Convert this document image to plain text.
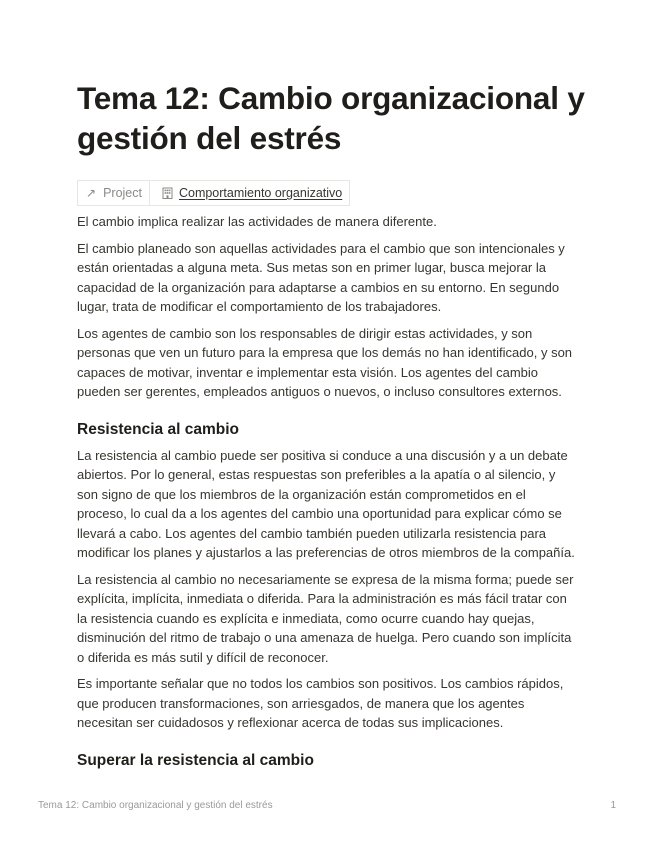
Tema 12: Cambio organizacional y gestión del estrés
↗ Project	Comportamiento organizativo

El cambio implica realizar las actividades de manera diferente.

El cambio planeado son aquellas actividades para el cambio que son intencionales y están orientadas a alguna meta. Sus metas son en primer lugar, busca mejorar la capacidad de la organización para adaptarse a cambios en su entorno. En segundo lugar, trata de modificar el comportamiento de los trabajadores.

Los agentes de cambio son los responsables de dirigir estas actividades, y son personas que ven un futuro para la empresa que los demás no han identificado, y son capaces de motivar, inventar e implementar esta visión. Los agentes del cambio pueden ser gerentes, empleados antiguos o nuevos, o incluso consultores externos.

Resistencia al cambio

La resistencia al cambio puede ser positiva si conduce a una discusión y a un debate abiertos. Por lo general, estas respuestas son preferibles a la apatía o al silencio, y son signo de que los miembros de la organización están comprometidos en el proceso, lo cual da a los agentes del cambio una oportunidad para explicar cómo se llevará a cabo. Los agentes del cambio también pueden utilizarla resistencia para modificar los planes y ajustarlos a las preferencias de otros miembros de la compañía.

La resistencia al cambio no necesariamente se expresa de la misma forma; puede ser explícita, implícita, inmediata o diferida. Para la administración es más fácil tratar con la resistencia cuando es explícita e inmediata, como ocurre cuando hay quejas, disminución del ritmo de trabajo o una amenaza de huelga. Pero cuando son implícita o diferida es más sutil y difícil de reconocer.

Es importante señalar que no todos los cambios son positivos. Los cambios rápidos, que producen transformaciones, son arriesgados, de manera que los agentes necesitan ser cuidadosos y reflexionar acerca de todas sus implicaciones.

Superar la resistencia al cambio
Tema 12: Cambio organizacional y gestión del estrés	1
